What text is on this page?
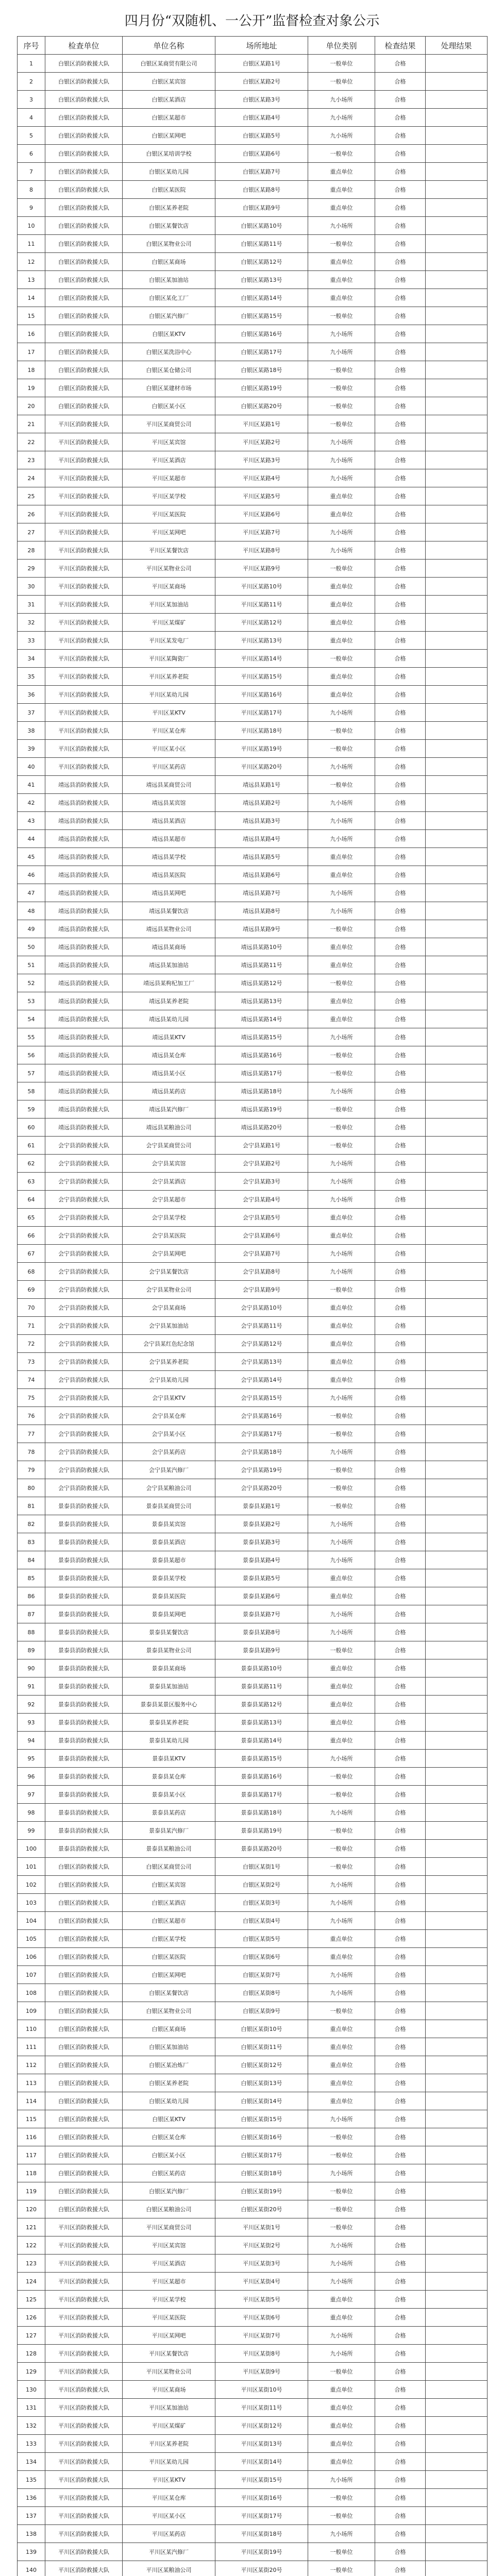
四月份“双随机、一公开”监督检查对象公示
序号	检查单位	单位名称	场所地址	单位类别	检查结果	处理结果
1	白银区消防救援大队	白银区某商贸有限公司	白银区某路1号	一般单位	合格	
2	白银区消防救援大队	白银区某宾馆	白银区某路2号	一般单位	合格	
3	白银区消防救援大队	白银区某酒店	白银区某路3号	九小场所	合格	
4	白银区消防救援大队	白银区某超市	白银区某路4号	九小场所	合格	
5	白银区消防救援大队	白银区某网吧	白银区某路5号	九小场所	合格	
6	白银区消防救援大队	白银区某培训学校	白银区某路6号	一般单位	合格	
7	白银区消防救援大队	白银区某幼儿园	白银区某路7号	重点单位	合格	
8	白银区消防救援大队	白银区某医院	白银区某路8号	重点单位	合格	
9	白银区消防救援大队	白银区某养老院	白银区某路9号	重点单位	合格	
10	白银区消防救援大队	白银区某餐饮店	白银区某路10号	九小场所	合格	
11	白银区消防救援大队	白银区某物业公司	白银区某路11号	一般单位	合格	
12	白银区消防救援大队	白银区某商场	白银区某路12号	重点单位	合格	
13	白银区消防救援大队	白银区某加油站	白银区某路13号	重点单位	合格	
14	白银区消防救援大队	白银区某化工厂	白银区某路14号	重点单位	合格	
15	白银区消防救援大队	白银区某汽修厂	白银区某路15号	一般单位	合格	
16	白银区消防救援大队	白银区某KTV	白银区某路16号	九小场所	合格	
17	白银区消防救援大队	白银区某洗浴中心	白银区某路17号	九小场所	合格	
18	白银区消防救援大队	白银区某仓储公司	白银区某路18号	一般单位	合格	
19	白银区消防救援大队	白银区某建材市场	白银区某路19号	一般单位	合格	
20	白银区消防救援大队	白银区某小区	白银区某路20号	一般单位	合格	
21	平川区消防救援大队	平川区某商贸公司	平川区某路1号	一般单位	合格	
22	平川区消防救援大队	平川区某宾馆	平川区某路2号	九小场所	合格	
23	平川区消防救援大队	平川区某酒店	平川区某路3号	九小场所	合格	
24	平川区消防救援大队	平川区某超市	平川区某路4号	九小场所	合格	
25	平川区消防救援大队	平川区某学校	平川区某路5号	重点单位	合格	
26	平川区消防救援大队	平川区某医院	平川区某路6号	重点单位	合格	
27	平川区消防救援大队	平川区某网吧	平川区某路7号	九小场所	合格	
28	平川区消防救援大队	平川区某餐饮店	平川区某路8号	九小场所	合格	
29	平川区消防救援大队	平川区某物业公司	平川区某路9号	一般单位	合格	
30	平川区消防救援大队	平川区某商场	平川区某路10号	重点单位	合格	
31	平川区消防救援大队	平川区某加油站	平川区某路11号	重点单位	合格	
32	平川区消防救援大队	平川区某煤矿	平川区某路12号	重点单位	合格	
33	平川区消防救援大队	平川区某发电厂	平川区某路13号	重点单位	合格	
34	平川区消防救援大队	平川区某陶瓷厂	平川区某路14号	一般单位	合格	
35	平川区消防救援大队	平川区某养老院	平川区某路15号	重点单位	合格	
36	平川区消防救援大队	平川区某幼儿园	平川区某路16号	重点单位	合格	
37	平川区消防救援大队	平川区某KTV	平川区某路17号	九小场所	合格	
38	平川区消防救援大队	平川区某仓库	平川区某路18号	一般单位	合格	
39	平川区消防救援大队	平川区某小区	平川区某路19号	一般单位	合格	
40	平川区消防救援大队	平川区某药店	平川区某路20号	九小场所	合格	
41	靖远县消防救援大队	靖远县某商贸公司	靖远县某路1号	一般单位	合格	
42	靖远县消防救援大队	靖远县某宾馆	靖远县某路2号	九小场所	合格	
43	靖远县消防救援大队	靖远县某酒店	靖远县某路3号	九小场所	合格	
44	靖远县消防救援大队	靖远县某超市	靖远县某路4号	九小场所	合格	
45	靖远县消防救援大队	靖远县某学校	靖远县某路5号	重点单位	合格	
46	靖远县消防救援大队	靖远县某医院	靖远县某路6号	重点单位	合格	
47	靖远县消防救援大队	靖远县某网吧	靖远县某路7号	九小场所	合格	
48	靖远县消防救援大队	靖远县某餐饮店	靖远县某路8号	九小场所	合格	
49	靖远县消防救援大队	靖远县某物业公司	靖远县某路9号	一般单位	合格	
50	靖远县消防救援大队	靖远县某商场	靖远县某路10号	重点单位	合格	
51	靖远县消防救援大队	靖远县某加油站	靖远县某路11号	重点单位	合格	
52	靖远县消防救援大队	靖远县某枸杞加工厂	靖远县某路12号	一般单位	合格	
53	靖远县消防救援大队	靖远县某养老院	靖远县某路13号	重点单位	合格	
54	靖远县消防救援大队	靖远县某幼儿园	靖远县某路14号	重点单位	合格	
55	靖远县消防救援大队	靖远县某KTV	靖远县某路15号	九小场所	合格	
56	靖远县消防救援大队	靖远县某仓库	靖远县某路16号	一般单位	合格	
57	靖远县消防救援大队	靖远县某小区	靖远县某路17号	一般单位	合格	
58	靖远县消防救援大队	靖远县某药店	靖远县某路18号	九小场所	合格	
59	靖远县消防救援大队	靖远县某汽修厂	靖远县某路19号	一般单位	合格	
60	靖远县消防救援大队	靖远县某粮油公司	靖远县某路20号	一般单位	合格	
61	会宁县消防救援大队	会宁县某商贸公司	会宁县某路1号	一般单位	合格	
62	会宁县消防救援大队	会宁县某宾馆	会宁县某路2号	九小场所	合格	
63	会宁县消防救援大队	会宁县某酒店	会宁县某路3号	九小场所	合格	
64	会宁县消防救援大队	会宁县某超市	会宁县某路4号	九小场所	合格	
65	会宁县消防救援大队	会宁县某学校	会宁县某路5号	重点单位	合格	
66	会宁县消防救援大队	会宁县某医院	会宁县某路6号	重点单位	合格	
67	会宁县消防救援大队	会宁县某网吧	会宁县某路7号	九小场所	合格	
68	会宁县消防救援大队	会宁县某餐饮店	会宁县某路8号	九小场所	合格	
69	会宁县消防救援大队	会宁县某物业公司	会宁县某路9号	一般单位	合格	
70	会宁县消防救援大队	会宁县某商场	会宁县某路10号	重点单位	合格	
71	会宁县消防救援大队	会宁县某加油站	会宁县某路11号	重点单位	合格	
72	会宁县消防救援大队	会宁县某红色纪念馆	会宁县某路12号	重点单位	合格	
73	会宁县消防救援大队	会宁县某养老院	会宁县某路13号	重点单位	合格	
74	会宁县消防救援大队	会宁县某幼儿园	会宁县某路14号	重点单位	合格	
75	会宁县消防救援大队	会宁县某KTV	会宁县某路15号	九小场所	合格	
76	会宁县消防救援大队	会宁县某仓库	会宁县某路16号	一般单位	合格	
77	会宁县消防救援大队	会宁县某小区	会宁县某路17号	一般单位	合格	
78	会宁县消防救援大队	会宁县某药店	会宁县某路18号	九小场所	合格	
79	会宁县消防救援大队	会宁县某汽修厂	会宁县某路19号	一般单位	合格	
80	会宁县消防救援大队	会宁县某粮油公司	会宁县某路20号	一般单位	合格	
81	景泰县消防救援大队	景泰县某商贸公司	景泰县某路1号	一般单位	合格	
82	景泰县消防救援大队	景泰县某宾馆	景泰县某路2号	九小场所	合格	
83	景泰县消防救援大队	景泰县某酒店	景泰县某路3号	九小场所	合格	
84	景泰县消防救援大队	景泰县某超市	景泰县某路4号	九小场所	合格	
85	景泰县消防救援大队	景泰县某学校	景泰县某路5号	重点单位	合格	
86	景泰县消防救援大队	景泰县某医院	景泰县某路6号	重点单位	合格	
87	景泰县消防救援大队	景泰县某网吧	景泰县某路7号	九小场所	合格	
88	景泰县消防救援大队	景泰县某餐饮店	景泰县某路8号	九小场所	合格	
89	景泰县消防救援大队	景泰县某物业公司	景泰县某路9号	一般单位	合格	
90	景泰县消防救援大队	景泰县某商场	景泰县某路10号	重点单位	合格	
91	景泰县消防救援大队	景泰县某加油站	景泰县某路11号	重点单位	合格	
92	景泰县消防救援大队	景泰县某景区服务中心	景泰县某路12号	重点单位	合格	
93	景泰县消防救援大队	景泰县某养老院	景泰县某路13号	重点单位	合格	
94	景泰县消防救援大队	景泰县某幼儿园	景泰县某路14号	重点单位	合格	
95	景泰县消防救援大队	景泰县某KTV	景泰县某路15号	九小场所	合格	
96	景泰县消防救援大队	景泰县某仓库	景泰县某路16号	一般单位	合格	
97	景泰县消防救援大队	景泰县某小区	景泰县某路17号	一般单位	合格	
98	景泰县消防救援大队	景泰县某药店	景泰县某路18号	九小场所	合格	
99	景泰县消防救援大队	景泰县某汽修厂	景泰县某路19号	一般单位	合格	
100	景泰县消防救援大队	景泰县某粮油公司	景泰县某路20号	一般单位	合格	
101	白银区消防救援大队	白银区某商贸公司	白银区某街1号	一般单位	合格	
102	白银区消防救援大队	白银区某宾馆	白银区某街2号	九小场所	合格	
103	白银区消防救援大队	白银区某酒店	白银区某街3号	九小场所	合格	
104	白银区消防救援大队	白银区某超市	白银区某街4号	九小场所	合格	
105	白银区消防救援大队	白银区某学校	白银区某街5号	重点单位	合格	
106	白银区消防救援大队	白银区某医院	白银区某街6号	重点单位	合格	
107	白银区消防救援大队	白银区某网吧	白银区某街7号	九小场所	合格	
108	白银区消防救援大队	白银区某餐饮店	白银区某街8号	九小场所	合格	
109	白银区消防救援大队	白银区某物业公司	白银区某街9号	一般单位	合格	
110	白银区消防救援大队	白银区某商场	白银区某街10号	重点单位	合格	
111	白银区消防救援大队	白银区某加油站	白银区某街11号	重点单位	合格	
112	白银区消防救援大队	白银区某冶炼厂	白银区某街12号	重点单位	合格	
113	白银区消防救援大队	白银区某养老院	白银区某街13号	重点单位	合格	
114	白银区消防救援大队	白银区某幼儿园	白银区某街14号	重点单位	合格	
115	白银区消防救援大队	白银区某KTV	白银区某街15号	九小场所	合格	
116	白银区消防救援大队	白银区某仓库	白银区某街16号	一般单位	合格	
117	白银区消防救援大队	白银区某小区	白银区某街17号	一般单位	合格	
118	白银区消防救援大队	白银区某药店	白银区某街18号	九小场所	合格	
119	白银区消防救援大队	白银区某汽修厂	白银区某街19号	一般单位	合格	
120	白银区消防救援大队	白银区某粮油公司	白银区某街20号	一般单位	合格	
121	平川区消防救援大队	平川区某商贸公司	平川区某街1号	一般单位	合格	
122	平川区消防救援大队	平川区某宾馆	平川区某街2号	九小场所	合格	
123	平川区消防救援大队	平川区某酒店	平川区某街3号	九小场所	合格	
124	平川区消防救援大队	平川区某超市	平川区某街4号	九小场所	合格	
125	平川区消防救援大队	平川区某学校	平川区某街5号	重点单位	合格	
126	平川区消防救援大队	平川区某医院	平川区某街6号	重点单位	合格	
127	平川区消防救援大队	平川区某网吧	平川区某街7号	九小场所	合格	
128	平川区消防救援大队	平川区某餐饮店	平川区某街8号	九小场所	合格	
129	平川区消防救援大队	平川区某物业公司	平川区某街9号	一般单位	合格	
130	平川区消防救援大队	平川区某商场	平川区某街10号	重点单位	合格	
131	平川区消防救援大队	平川区某加油站	平川区某街11号	重点单位	合格	
132	平川区消防救援大队	平川区某煤矿	平川区某街12号	重点单位	合格	
133	平川区消防救援大队	平川区某养老院	平川区某街13号	重点单位	合格	
134	平川区消防救援大队	平川区某幼儿园	平川区某街14号	重点单位	合格	
135	平川区消防救援大队	平川区某KTV	平川区某街15号	九小场所	合格	
136	平川区消防救援大队	平川区某仓库	平川区某街16号	一般单位	合格	
137	平川区消防救援大队	平川区某小区	平川区某街17号	一般单位	合格	
138	平川区消防救援大队	平川区某药店	平川区某街18号	九小场所	合格	
139	平川区消防救援大队	平川区某汽修厂	平川区某街19号	一般单位	合格	
140	平川区消防救援大队	平川区某粮油公司	平川区某街20号	一般单位	合格	
